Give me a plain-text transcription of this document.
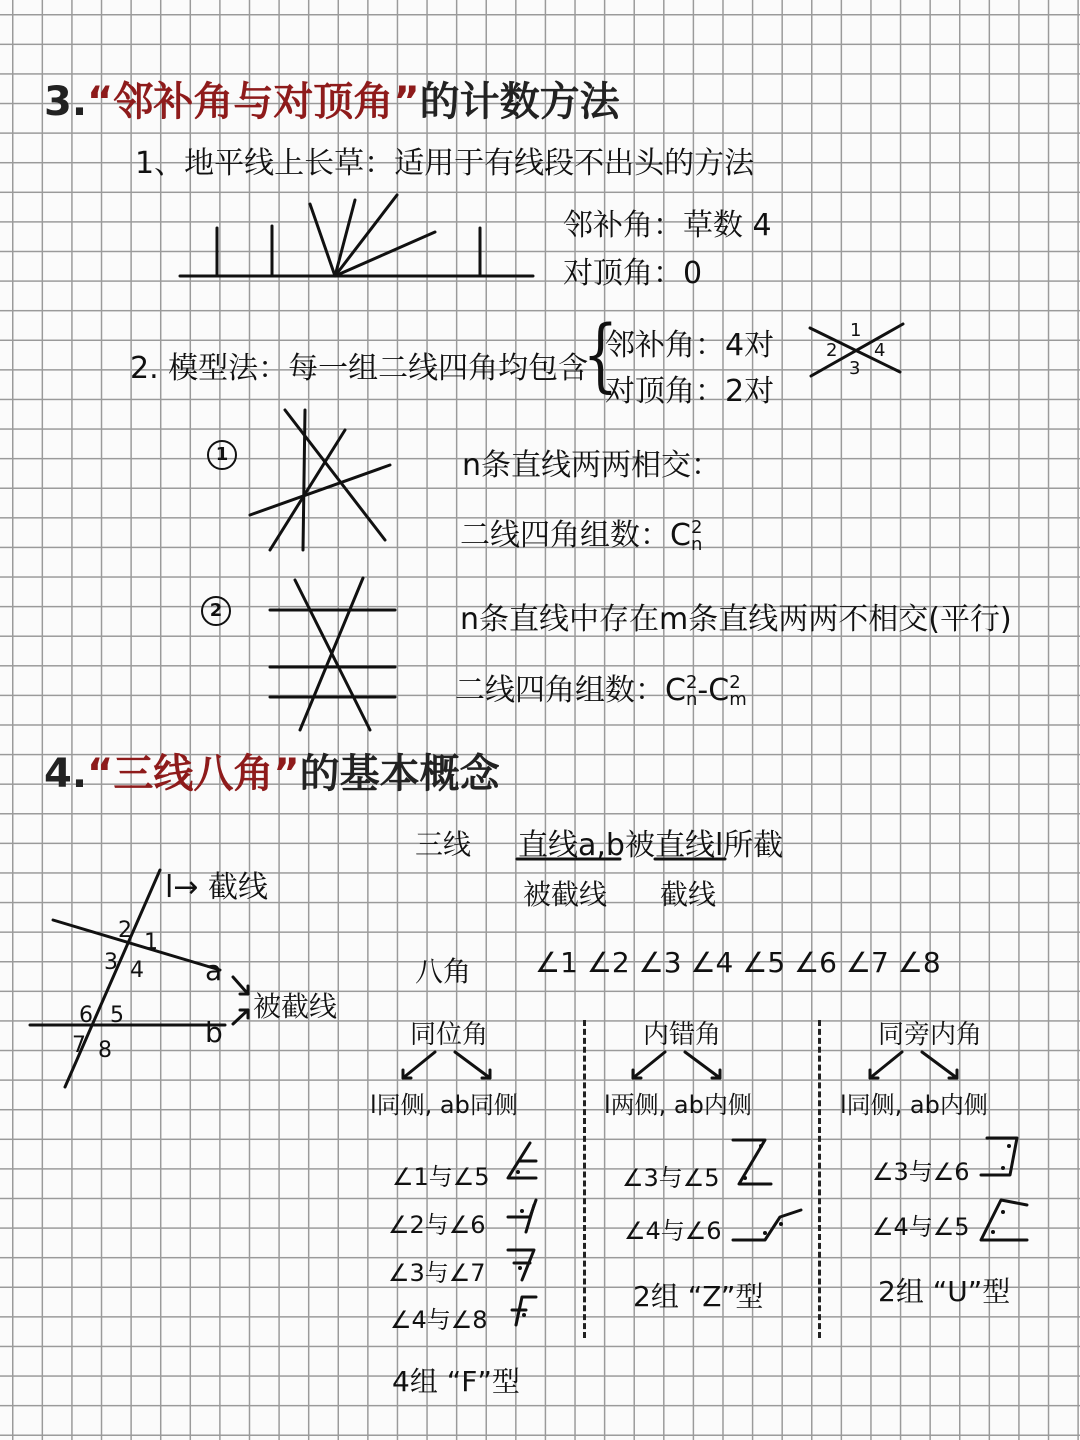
3.“邻补角与对顶角”的计数方法
1、地平线上长草：适用于有线段不出头的方法
邻补角：草数 4
对顶角：0
2. 模型法：每一组二线四角均包含
{
邻补角：4对
对顶角：2对
1
2
3
4
1	n条直线两两相交：
二线四角组数：C 2
n
2	n条直线中存在m条直线两两不相交(平行)
二线四角组数：C 2
n -C 2
m
4.“三线八角”的基本概念
三线 直线a,b被直线l所截
被截线 截线
l→ 截线
2 1
3 4
6 5
7 8
a
b
被截线
八角 ∠1 ∠2 ∠3 ∠4 ∠5 ∠6 ∠7 ∠8
同位角
l同侧, ab同侧
∠1与∠5
∠2与∠6
∠3与∠7
∠4与∠8
4组 “F”型
内错角
l两侧, ab内侧
∠3与∠5
∠4与∠6
2组 “Z”型
同旁内角
l同侧, ab内侧
∠3与∠6
∠4与∠5
2组 “U”型
